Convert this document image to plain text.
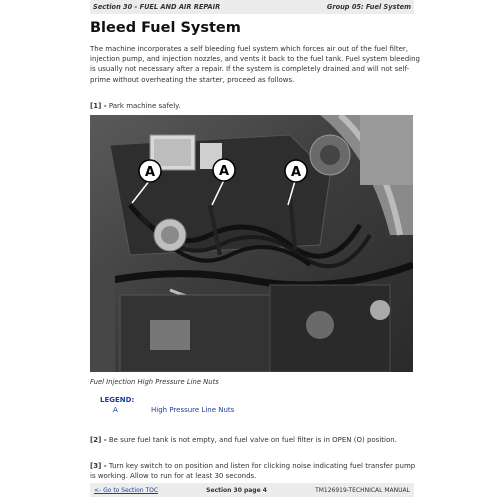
Section 30 - FUEL AND AIR REPAIR	Group 05: Fuel System
Bleed Fuel System

The machine incorporates a self bleeding fuel system which forces air out of the fuel filter, injection pump, and injection nozzles, and vents it back to the fuel tank. Fuel system bleeding is usually not necessary after a repair. If the system is completely drained and will not self-prime without overheating the starter, proceed as follows.

[1] - Park machine safely.

A	A	A

Fuel Injection High Pressure Line Nuts

LEGEND:

A	High Pressure Line Nuts

[2] - Be sure fuel tank is not empty, and fuel valve on fuel filter is in OPEN (O) position.

[3] - Turn key switch to on position and listen for clicking noise indicating fuel transfer pump is working. Allow to run for at least 30 seconds.

<- Go to Section TOC	Section 30 page 4	TM126919-TECHNICAL MANUAL
